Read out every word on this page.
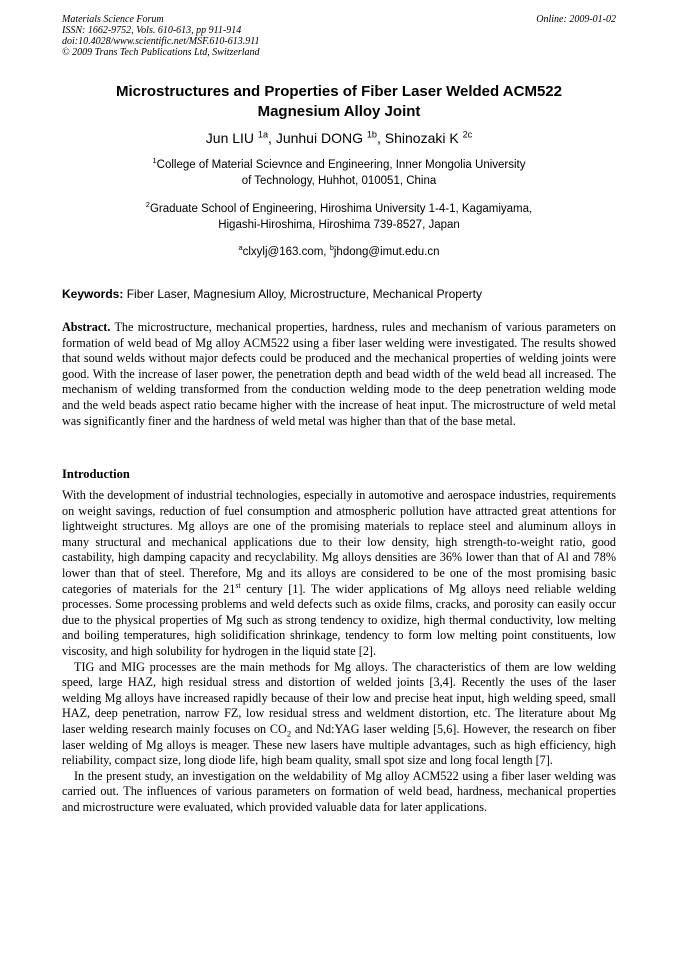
Materials Science Forum	Online: 2009-01-02
ISSN: 1662-9752, Vols. 610-613, pp 911-914
doi:10.4028/www.scientific.net/MSF.610-613.911
© 2009 Trans Tech Publications Ltd, Switzerland
Microstructures and Properties of Fiber Laser Welded ACM522
Magnesium Alloy Joint
Jun LIU $^{1a}$, Junhui DONG $^{1b}$, Shinozaki K $^{2c}$
$^1$College of Material Scievnce and Engineering, Inner Mongolia University
of Technology, Huhhot, 010051, China
$^2$Graduate School of Engineering, Hiroshima University 1-4-1, Kagamiyama,
Higashi-Hiroshima, Hiroshima 739-8527, Japan
$^a$clxylj@163.com, $^b$jhdong@imut.edu.cn
Keywords: Fiber Laser, Magnesium Alloy, Microstructure, Mechanical Property
Abstract. The microstructure, mechanical properties, hardness, rules and mechanism of various parameters on formation of weld bead of Mg alloy ACM522 using a fiber laser welding were investigated. The results showed that sound welds without major defects could be produced and the mechanical properties of welding joints were good. With the increase of laser power, the penetration depth and bead width of the weld bead all increased. The mechanism of welding transformed from the conduction welding mode to the deep penetration welding mode and the weld beads aspect ratio became higher with the increase of heat input. The microstructure of weld metal was significantly finer and the hardness of weld metal was higher than that of the base metal.
Introduction

With the development of industrial technologies, especially in automotive and aerospace industries, requirements on weight savings, reduction of fuel consumption and atmospheric pollution have attracted great attentions for lightweight structures. Mg alloys are one of the promising materials to replace steel and aluminum alloys in many structural and mechanical applications due to their low density, high strength-to-weight ratio, good castability, high damping capacity and recyclability. Mg alloys densities are 36% lower than that of Al and 78% lower than that of steel. Therefore, Mg and its alloys are considered to be one of the most promising basic categories of materials for the 21st century [1]. The wider applications of Mg alloys need reliable welding processes. Some processing problems and weld defects such as oxide films, cracks, and porosity can easily occur due to the physical properties of Mg such as strong tendency to oxidize, high thermal conductivity, low melting and boiling temperatures, high solidification shrinkage, tendency to form low melting point constituents, low viscosity, and high solubility for hydrogen in the liquid state [2].

TIG and MIG processes are the main methods for Mg alloys. The characteristics of them are low welding speed, large HAZ, high residual stress and distortion of welded joints [3,4]. Recently the uses of the laser welding Mg alloys have increased rapidly because of their low and precise heat input, high welding speed, small HAZ, deep penetration, narrow FZ, low residual stress and weldment distortion, etc. The literature about Mg laser welding research mainly focuses on $CO_2$ and Nd:YAG laser welding [5,6]. However, the research on fiber laser welding of Mg alloys is meager. These new lasers have multiple advantages, such as high efficiency, high reliability, compact size, long diode life, high beam quality, small spot size and long focal length [7].

In the present study, an investigation on the weldability of Mg alloy ACM522 using a fiber laser welding was carried out. The influences of various parameters on formation of weld bead, hardness, mechanical properties and microstructure were evaluated, which provided valuable data for later applications.
